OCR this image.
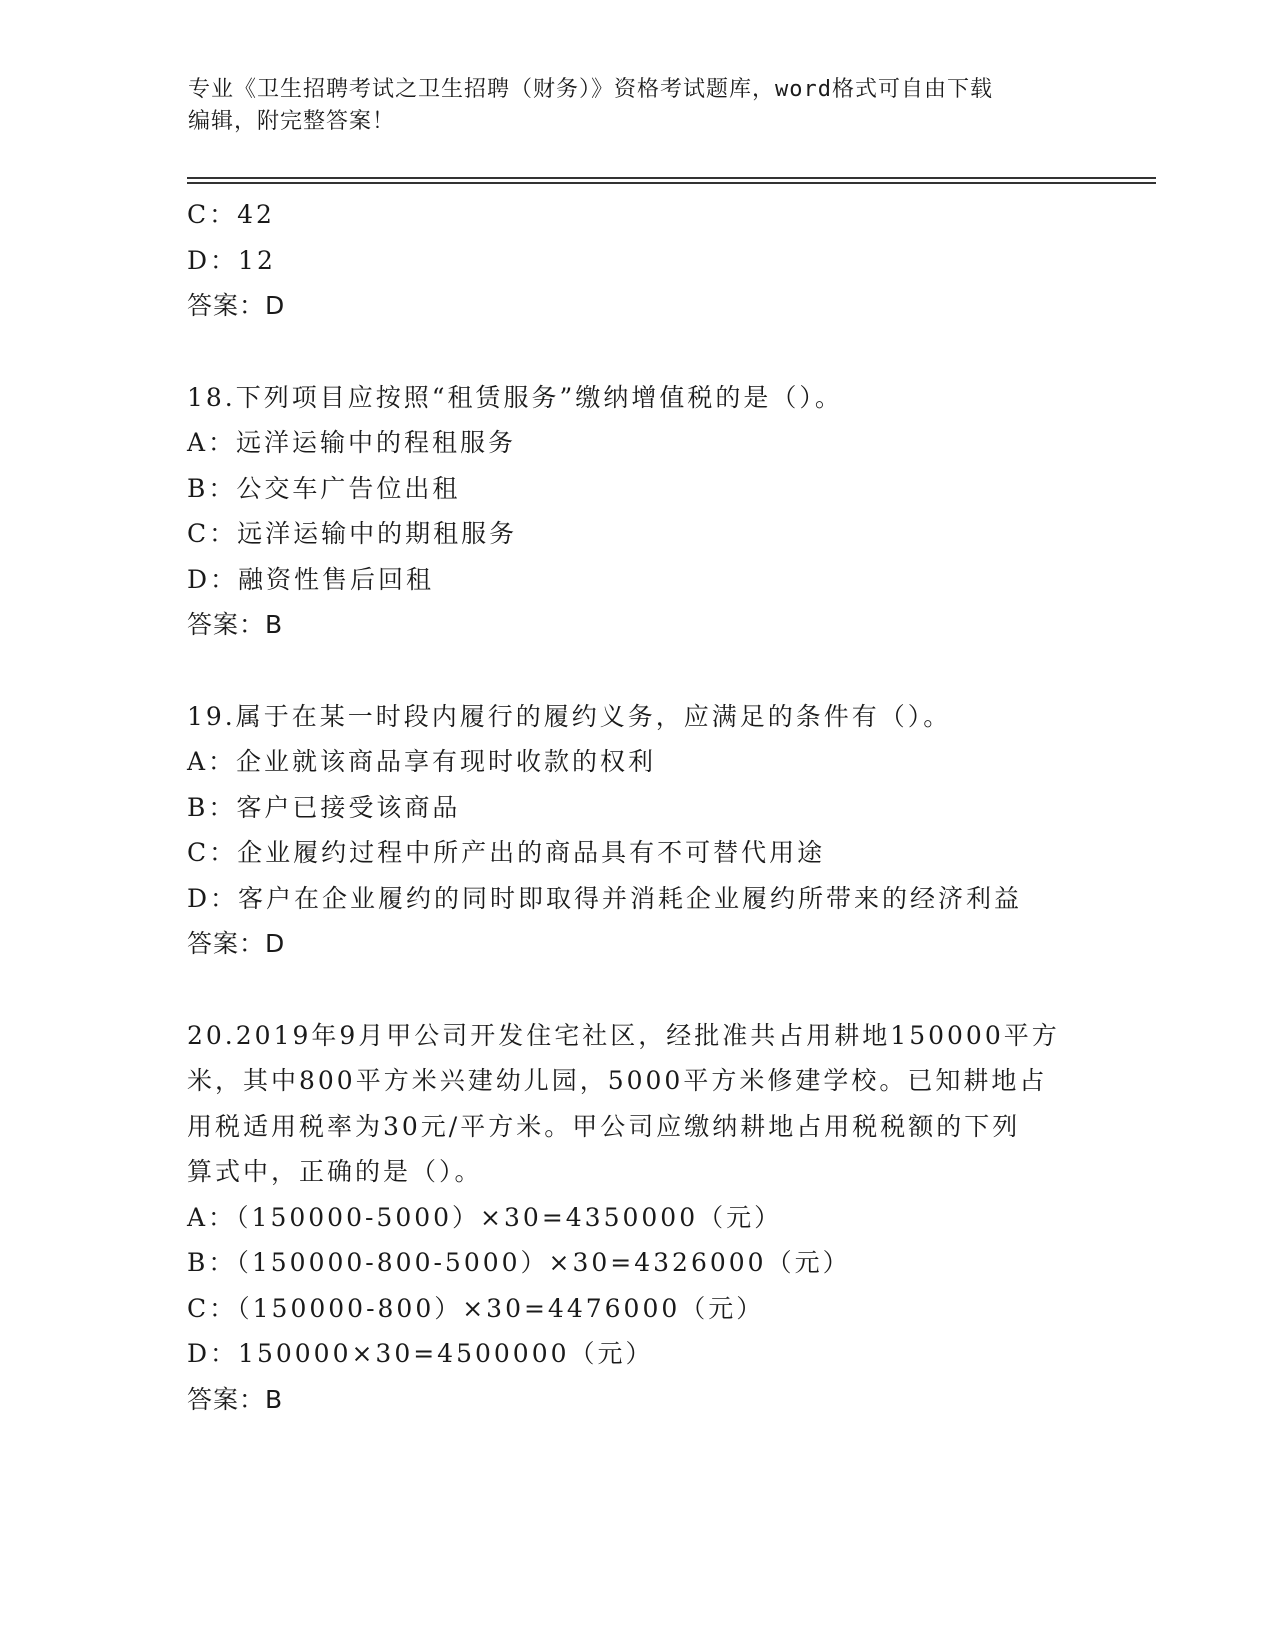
专业《卫生招聘考试之卫生招聘（财务）》资格考试题库，word格式可自由下载
编辑，附完整答案！
C：42
D：12
答案：D
18.下列项目应按照“租赁服务”缴纳增值税的是（）。
A：远洋运输中的程租服务
B：公交车广告位出租
C：远洋运输中的期租服务
D：融资性售后回租
答案：B
19.属于在某一时段内履行的履约义务，应满足的条件有（）。
A：企业就该商品享有现时收款的权利
B：客户已接受该商品
C：企业履约过程中所产出的商品具有不可替代用途
D：客户在企业履约的同时即取得并消耗企业履约所带来的经济利益
答案：D
20.2019年9月甲公司开发住宅社区，经批准共占用耕地150000平方
米，其中800平方米兴建幼儿园，5000平方米修建学校。已知耕地占
用税适用税率为30元/平方米。甲公司应缴纳耕地占用税税额的下列
算式中，正确的是（）。
A：（150000-5000）×30=4350000（元）
B：（150000-800-5000）×30=4326000（元）
C：（150000-800）×30=4476000（元）
D：150000×30=4500000（元）
答案：B
